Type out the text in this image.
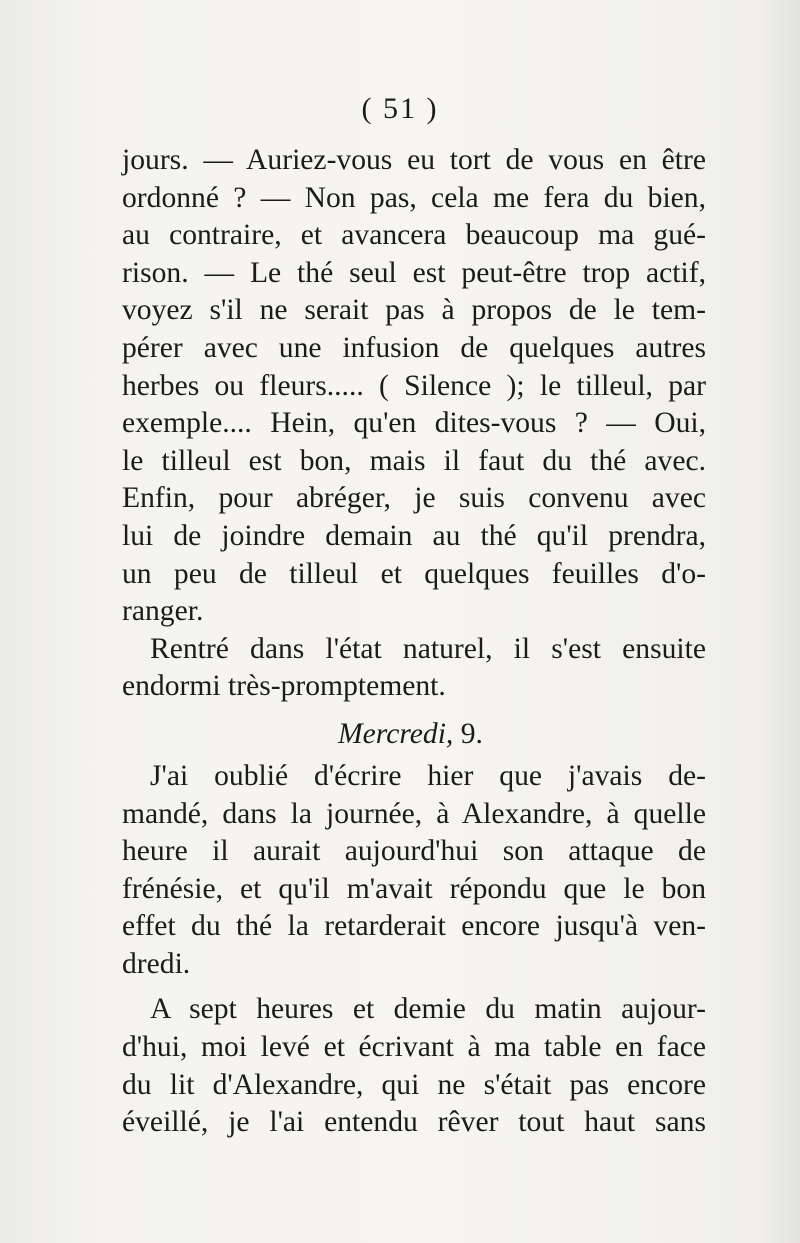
( 51 )
jours. — Auriez-vous eu tort de vous en être
ordonné ? — Non pas, cela me fera du bien,
au contraire, et avancera beaucoup ma gué-
rison. — Le thé seul est peut-être trop actif,
voyez s'il ne serait pas à propos de le tem-
pérer avec une infusion de quelques autres
herbes ou fleurs..... ( Silence ); le tilleul, par
exemple.... Hein, qu'en dites-vous ? — Oui,
le tilleul est bon, mais il faut du thé avec.
Enfin, pour abréger, je suis convenu avec
lui de joindre demain au thé qu'il prendra,
un peu de tilleul et quelques feuilles d'o-
ranger.
Rentré dans l'état naturel, il s'est ensuite
endormi très-promptement.
Mercredi, 9.
J'ai oublié d'écrire hier que j'avais de-
mandé, dans la journée, à Alexandre, à quelle
heure il aurait aujourd'hui son attaque de
frénésie, et qu'il m'avait répondu que le bon
effet du thé la retarderait encore jusqu'à ven-
dredi.
A sept heures et demie du matin aujour-
d'hui, moi levé et écrivant à ma table en face
du lit d'Alexandre, qui ne s'était pas encore
éveillé, je l'ai entendu rêver tout haut sans
